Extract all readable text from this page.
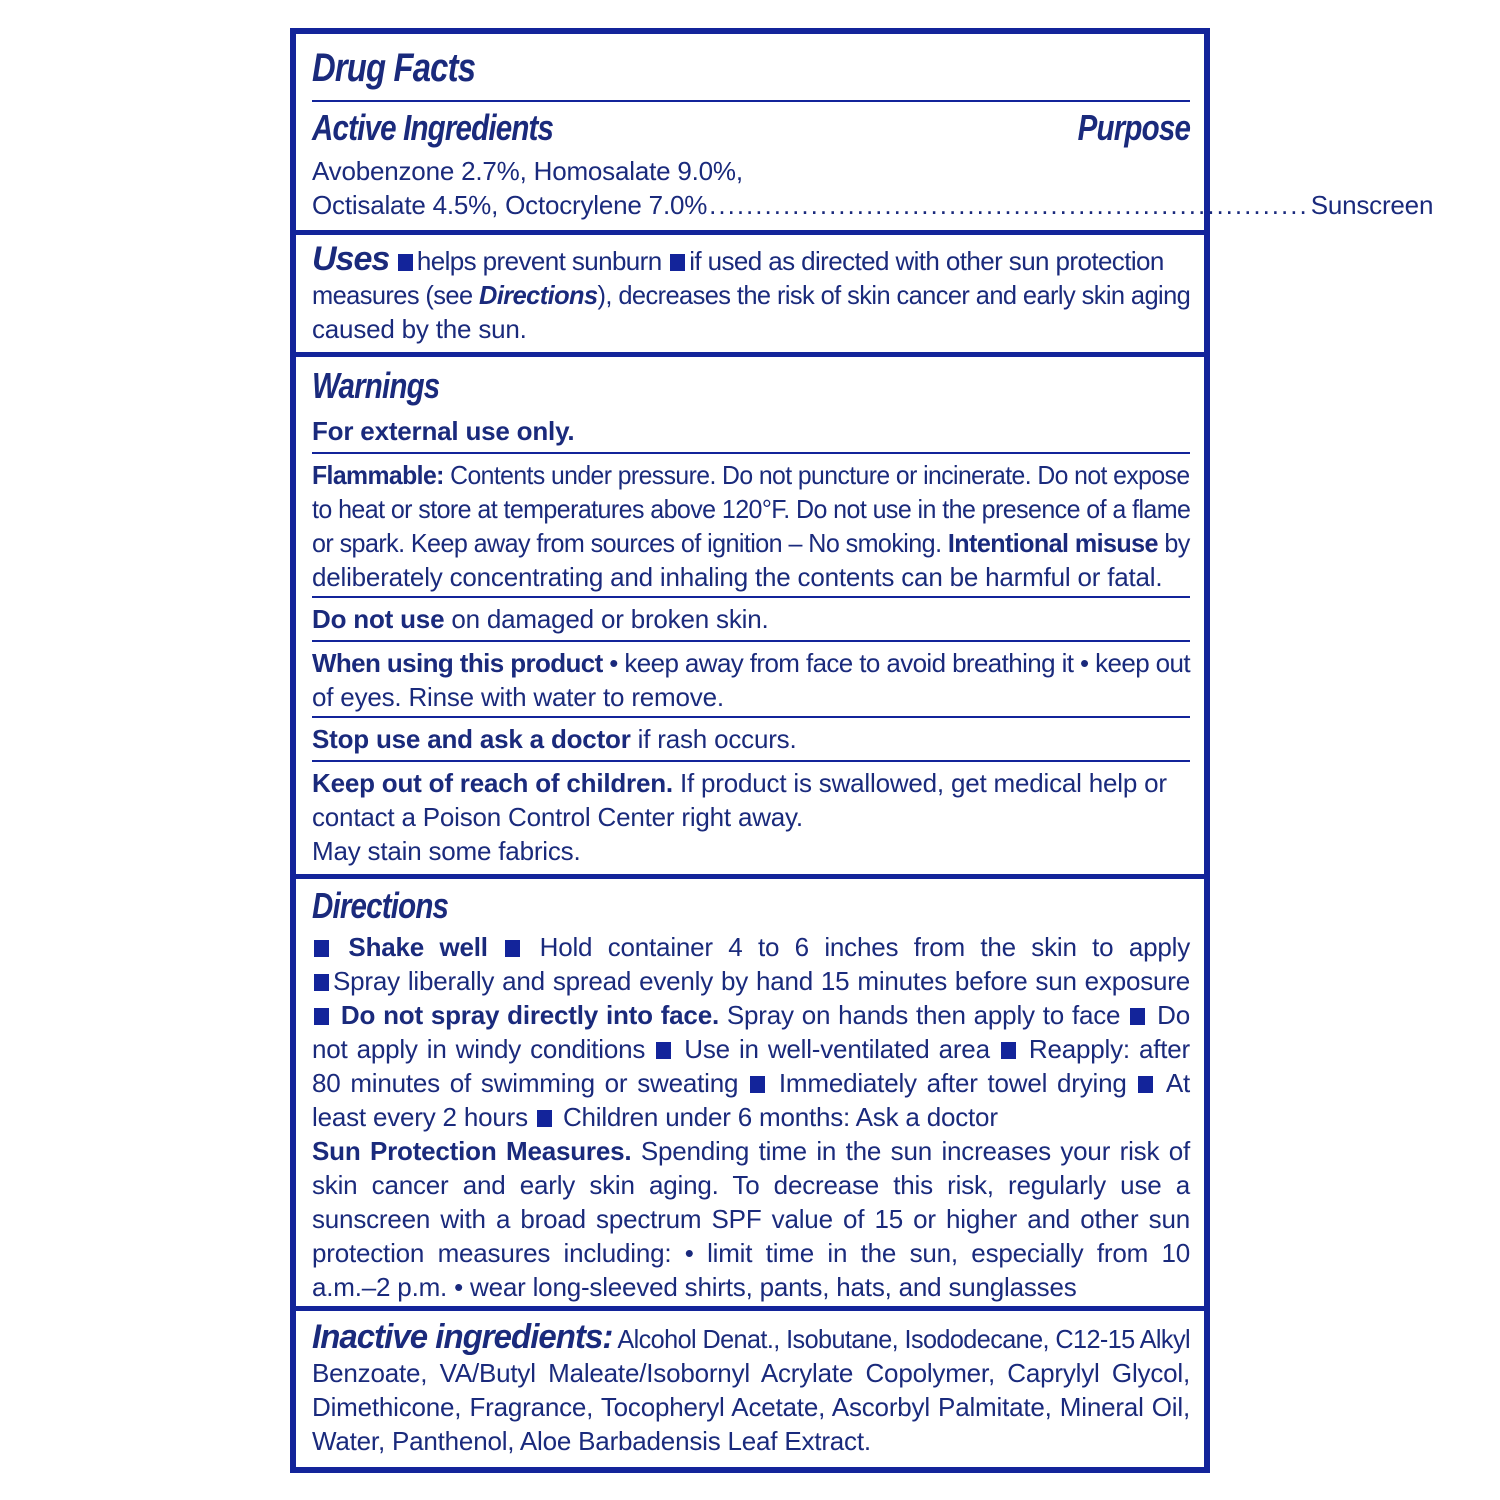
Drug Facts
Active Ingredients	Purpose
Avobenzone 2.7%, Homosalate 9.0%,
Octisalate 4.5%, Octocrylene 7.0% ................................................................. Sunscreen
Uses helps prevent sunburn if used as directed with other sun protection
measures (see Directions), decreases the risk of skin cancer and early skin aging
caused by the sun.
Warnings
For external use only.
Flammable: Contents under pressure. Do not puncture or incinerate. Do not expose
to heat or store at temperatures above 120°F. Do not use in the presence of a flame
or spark. Keep away from sources of ignition – No smoking. Intentional misuse by
deliberately concentrating and inhaling the contents can be harmful or fatal.
Do not use on damaged or broken skin.
When using this product • keep away from face to avoid breathing it • keep out
of eyes. Rinse with water to remove.
Stop use and ask a doctor if rash occurs.
Keep out of reach of children. If product is swallowed, get medical help or
contact a Poison Control Center right away.
May stain some fabrics.
Directions
Shake well Hold container 4 to 6 inches from the skin to apply
Spray liberally and spread evenly by hand 15 minutes before sun exposure
Do not spray directly into face. Spray on hands then apply to face Do
not apply in windy conditions Use in well-ventilated area Reapply: after
80 minutes of swimming or sweating Immediately after towel drying At
least every 2 hours Children under 6 months: Ask a doctor
Sun Protection Measures. Spending time in the sun increases your risk of
skin cancer and early skin aging. To decrease this risk, regularly use a
sunscreen with a broad spectrum SPF value of 15 or higher and other sun
protection measures including: • limit time in the sun, especially from 10
a.m.–2 p.m. • wear long-sleeved shirts, pants, hats, and sunglasses
Inactive ingredients: Alcohol Denat., Isobutane, Isododecane, C12-15 Alkyl
Benzoate, VA/Butyl Maleate/Isobornyl Acrylate Copolymer, Caprylyl Glycol,
Dimethicone, Fragrance, Tocopheryl Acetate, Ascorbyl Palmitate, Mineral Oil,
Water, Panthenol, Aloe Barbadensis Leaf Extract.
